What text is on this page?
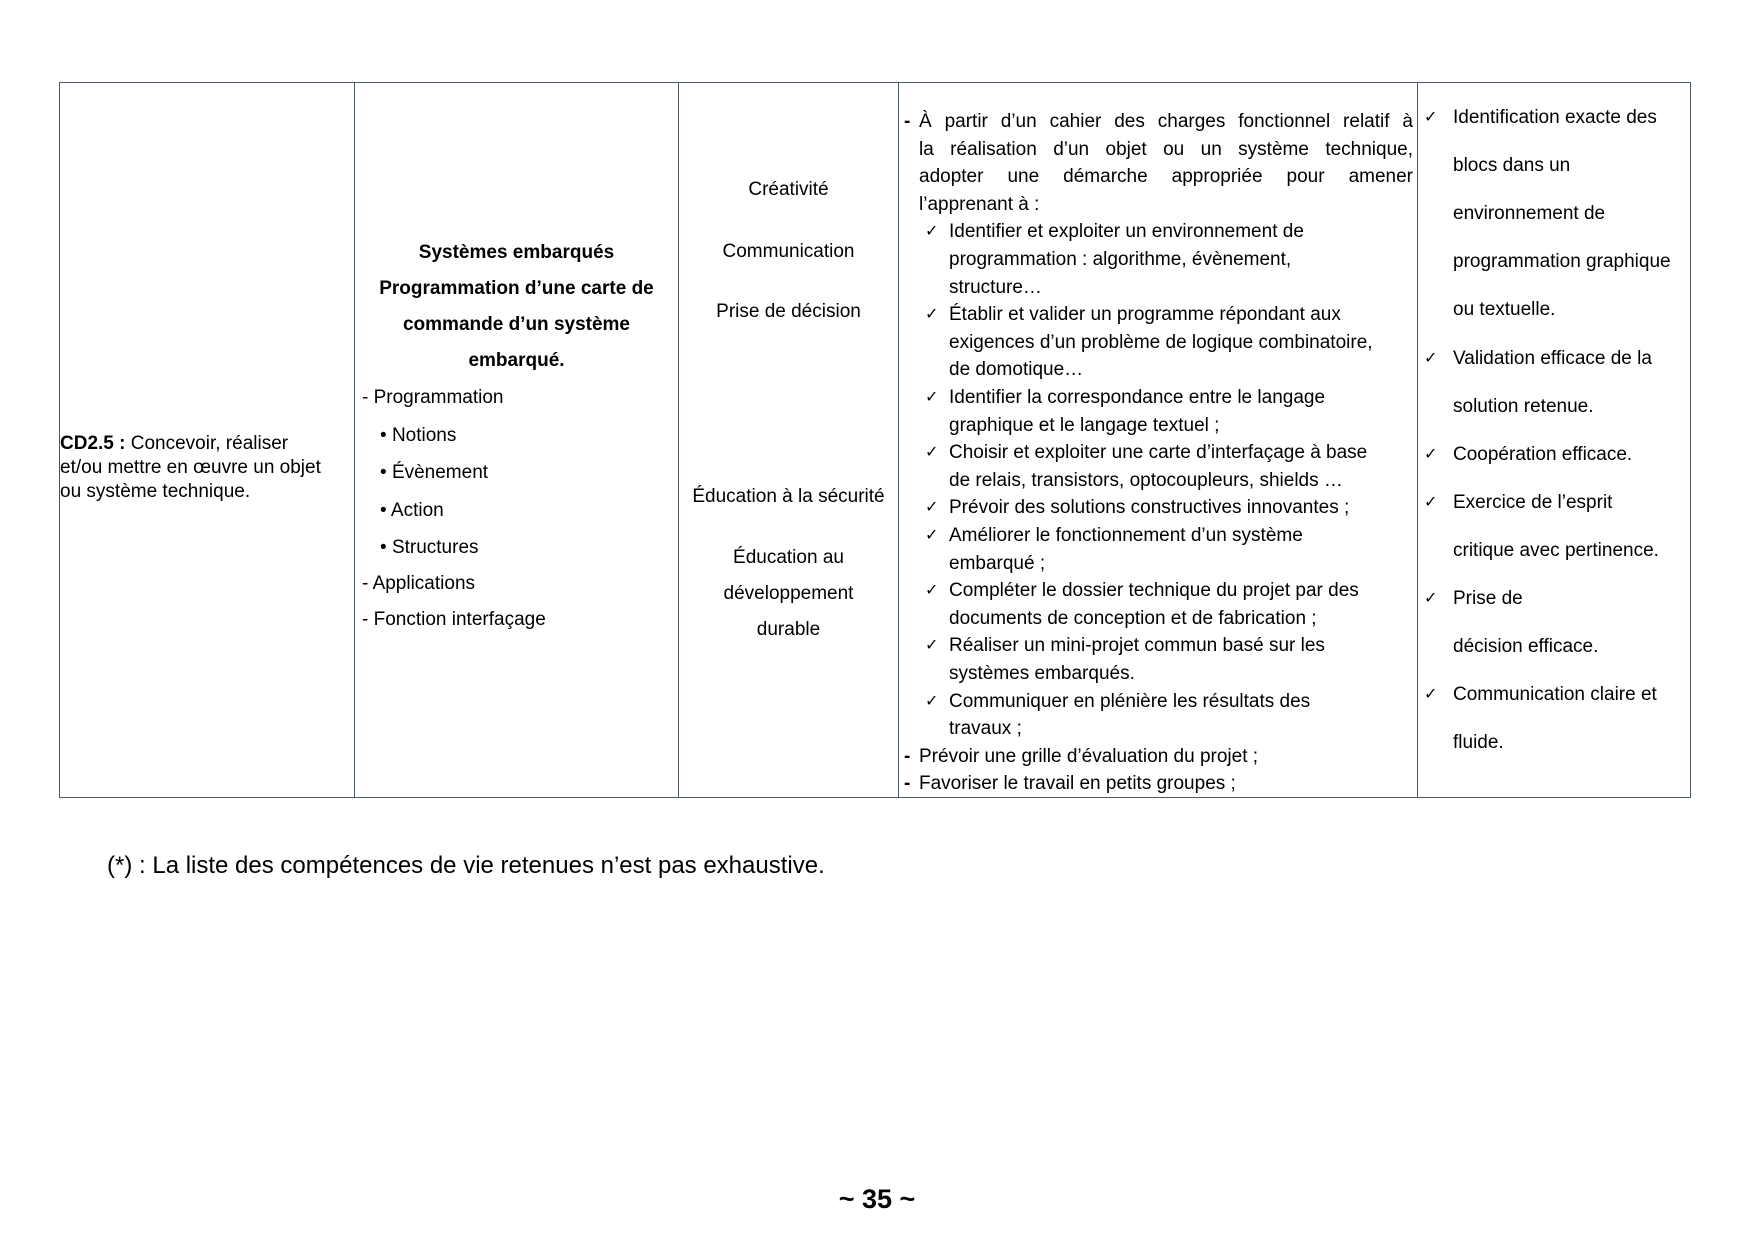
CD2.5 : Concevoir, réaliser
et/ou mettre en œuvre un objet
ou système technique.
Systèmes embarqués
Programmation d’une carte de
commande d’un système
embarqué.
- Programmation
• Notions
• Évènement
• Action
• Structures
- Applications
- Fonction interfaçage
Créativité
Communication
Prise de décision
Éducation à la sécurité
Éducation au
développement
durable
- À partir d’un cahier des charges fonctionnel relatif à
la réalisation d’un objet ou un système technique,
adopter une démarche appropriée pour amener
l’apprenant à :
✓ Identifier et exploiter un environnement de
programmation : algorithme, évènement,
structure…
✓ Établir et valider un programme répondant aux
exigences d’un problème de logique combinatoire,
de domotique…
✓ Identifier la correspondance entre le langage
graphique et le langage textuel ;
✓ Choisir et exploiter une carte d’interfaçage à base
de relais, transistors, optocoupleurs, shields …
✓ Prévoir des solutions constructives innovantes ;
✓ Améliorer le fonctionnement d’un système
embarqué ;
✓ Compléter le dossier technique du projet par des
documents de conception et de fabrication ;
✓ Réaliser un mini-projet commun basé sur les
systèmes embarqués.
✓ Communiquer en plénière les résultats des
travaux ;
- Prévoir une grille d’évaluation du projet ;
- Favoriser le travail en petits groupes ;
✓ Identification exacte des
blocs dans un
environnement de
programmation graphique
ou textuelle.
✓ Validation efficace de la
solution retenue.
✓ Coopération efficace.
✓ Exercice de l’esprit
critique avec pertinence.
✓ Prise de
décision efficace.
✓ Communication claire et
fluide.
(*) : La liste des compétences de vie retenues n’est pas exhaustive.
~ 35 ~
